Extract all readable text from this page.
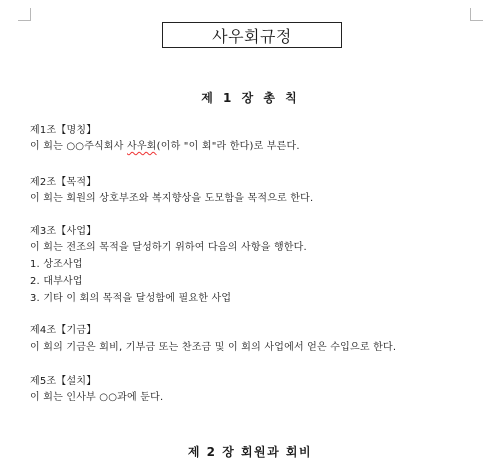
사우회규정
제 1 장 총 칙
제1조【명칭】
이 회는 ○○주식회사 사우회(이하 "이 회"라 한다)로 부른다.
제2조【목적】
이 회는 회원의 상호부조와 복지향상을 도모함을 목적으로 한다.
제3조【사업】
이 회는 전조의 목적을 달성하기 위하여 다음의 사항을 행한다.
1. 상조사업
2. 대부사업
3. 기타 이 회의 목적을 달성함에 필요한 사업
제4조【기금】
이 회의 기금은 회비, 기부금 또는 찬조금 및 이 회의 사업에서 얻은 수입으로 한다.
제5조【설치】
이 회는 인사부 ○○과에 둔다.
제 2 장 회원과 회비
